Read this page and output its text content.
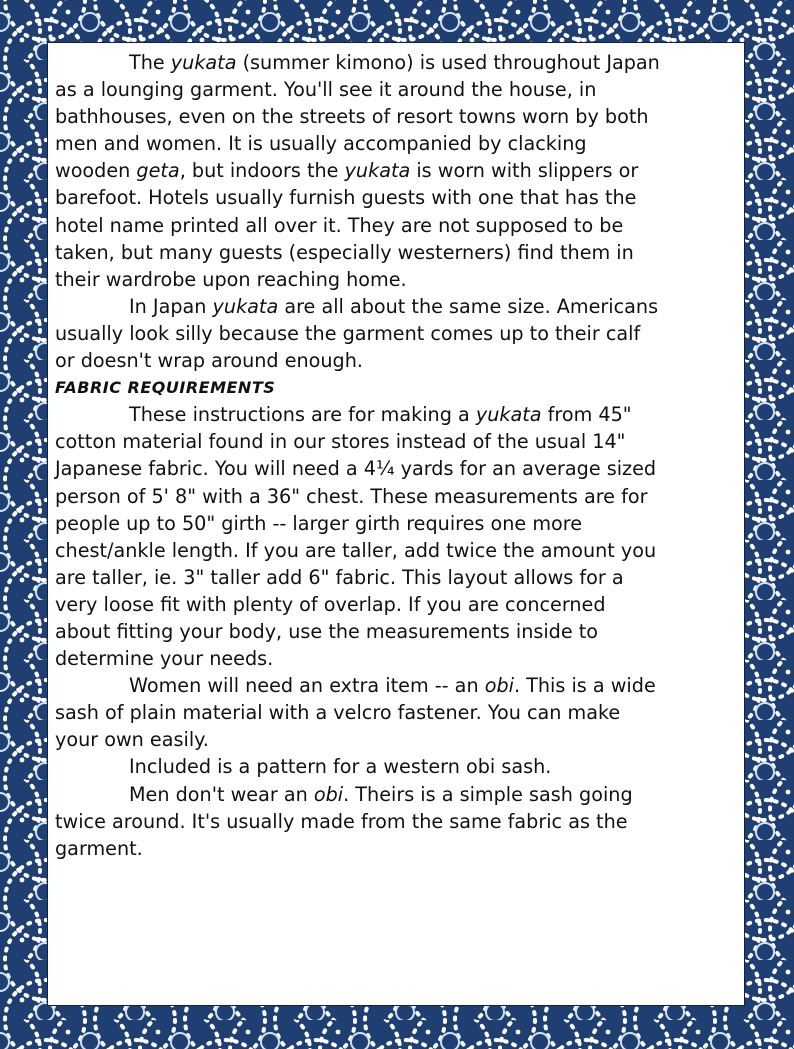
The yukata (summer kimono) is used throughout Japan as a lounging garment. You'll see it around the house, in bathhouses, even on the streets of resort towns worn by both men and women. It is usually accompanied by clacking wooden geta, but indoors the yukata is worn with slippers or barefoot. Hotels usually furnish guests with one that has the hotel name printed all over it. They are not supposed to be taken, but many guests (especially westerners) find them in their wardrobe upon reaching home.

In Japan yukata are all about the same size. Americans usually look silly because the garment comes up to their calf or doesn't wrap around enough.

FABRIC REQUIREMENTS

These instructions are for making a yukata from 45" cotton material found in our stores instead of the usual 14" Japanese fabric. You will need a 4¼ yards for an average sized person of 5' 8" with a 36" chest. These measurements are for people up to 50" girth -- larger girth requires one more chest/ankle length. If you are taller, add twice the amount you are taller, ie. 3" taller add 6" fabric. This layout allows for a very loose fit with plenty of overlap. If you are concerned about fitting your body, use the measurements inside to determine your needs.

Women will need an extra item -- an obi. This is a wide sash of plain material with a velcro fastener. You can make your own easily.

Included is a pattern for a western obi sash.

Men don't wear an obi. Theirs is a simple sash going twice around. It's usually made from the same fabric as the garment.
